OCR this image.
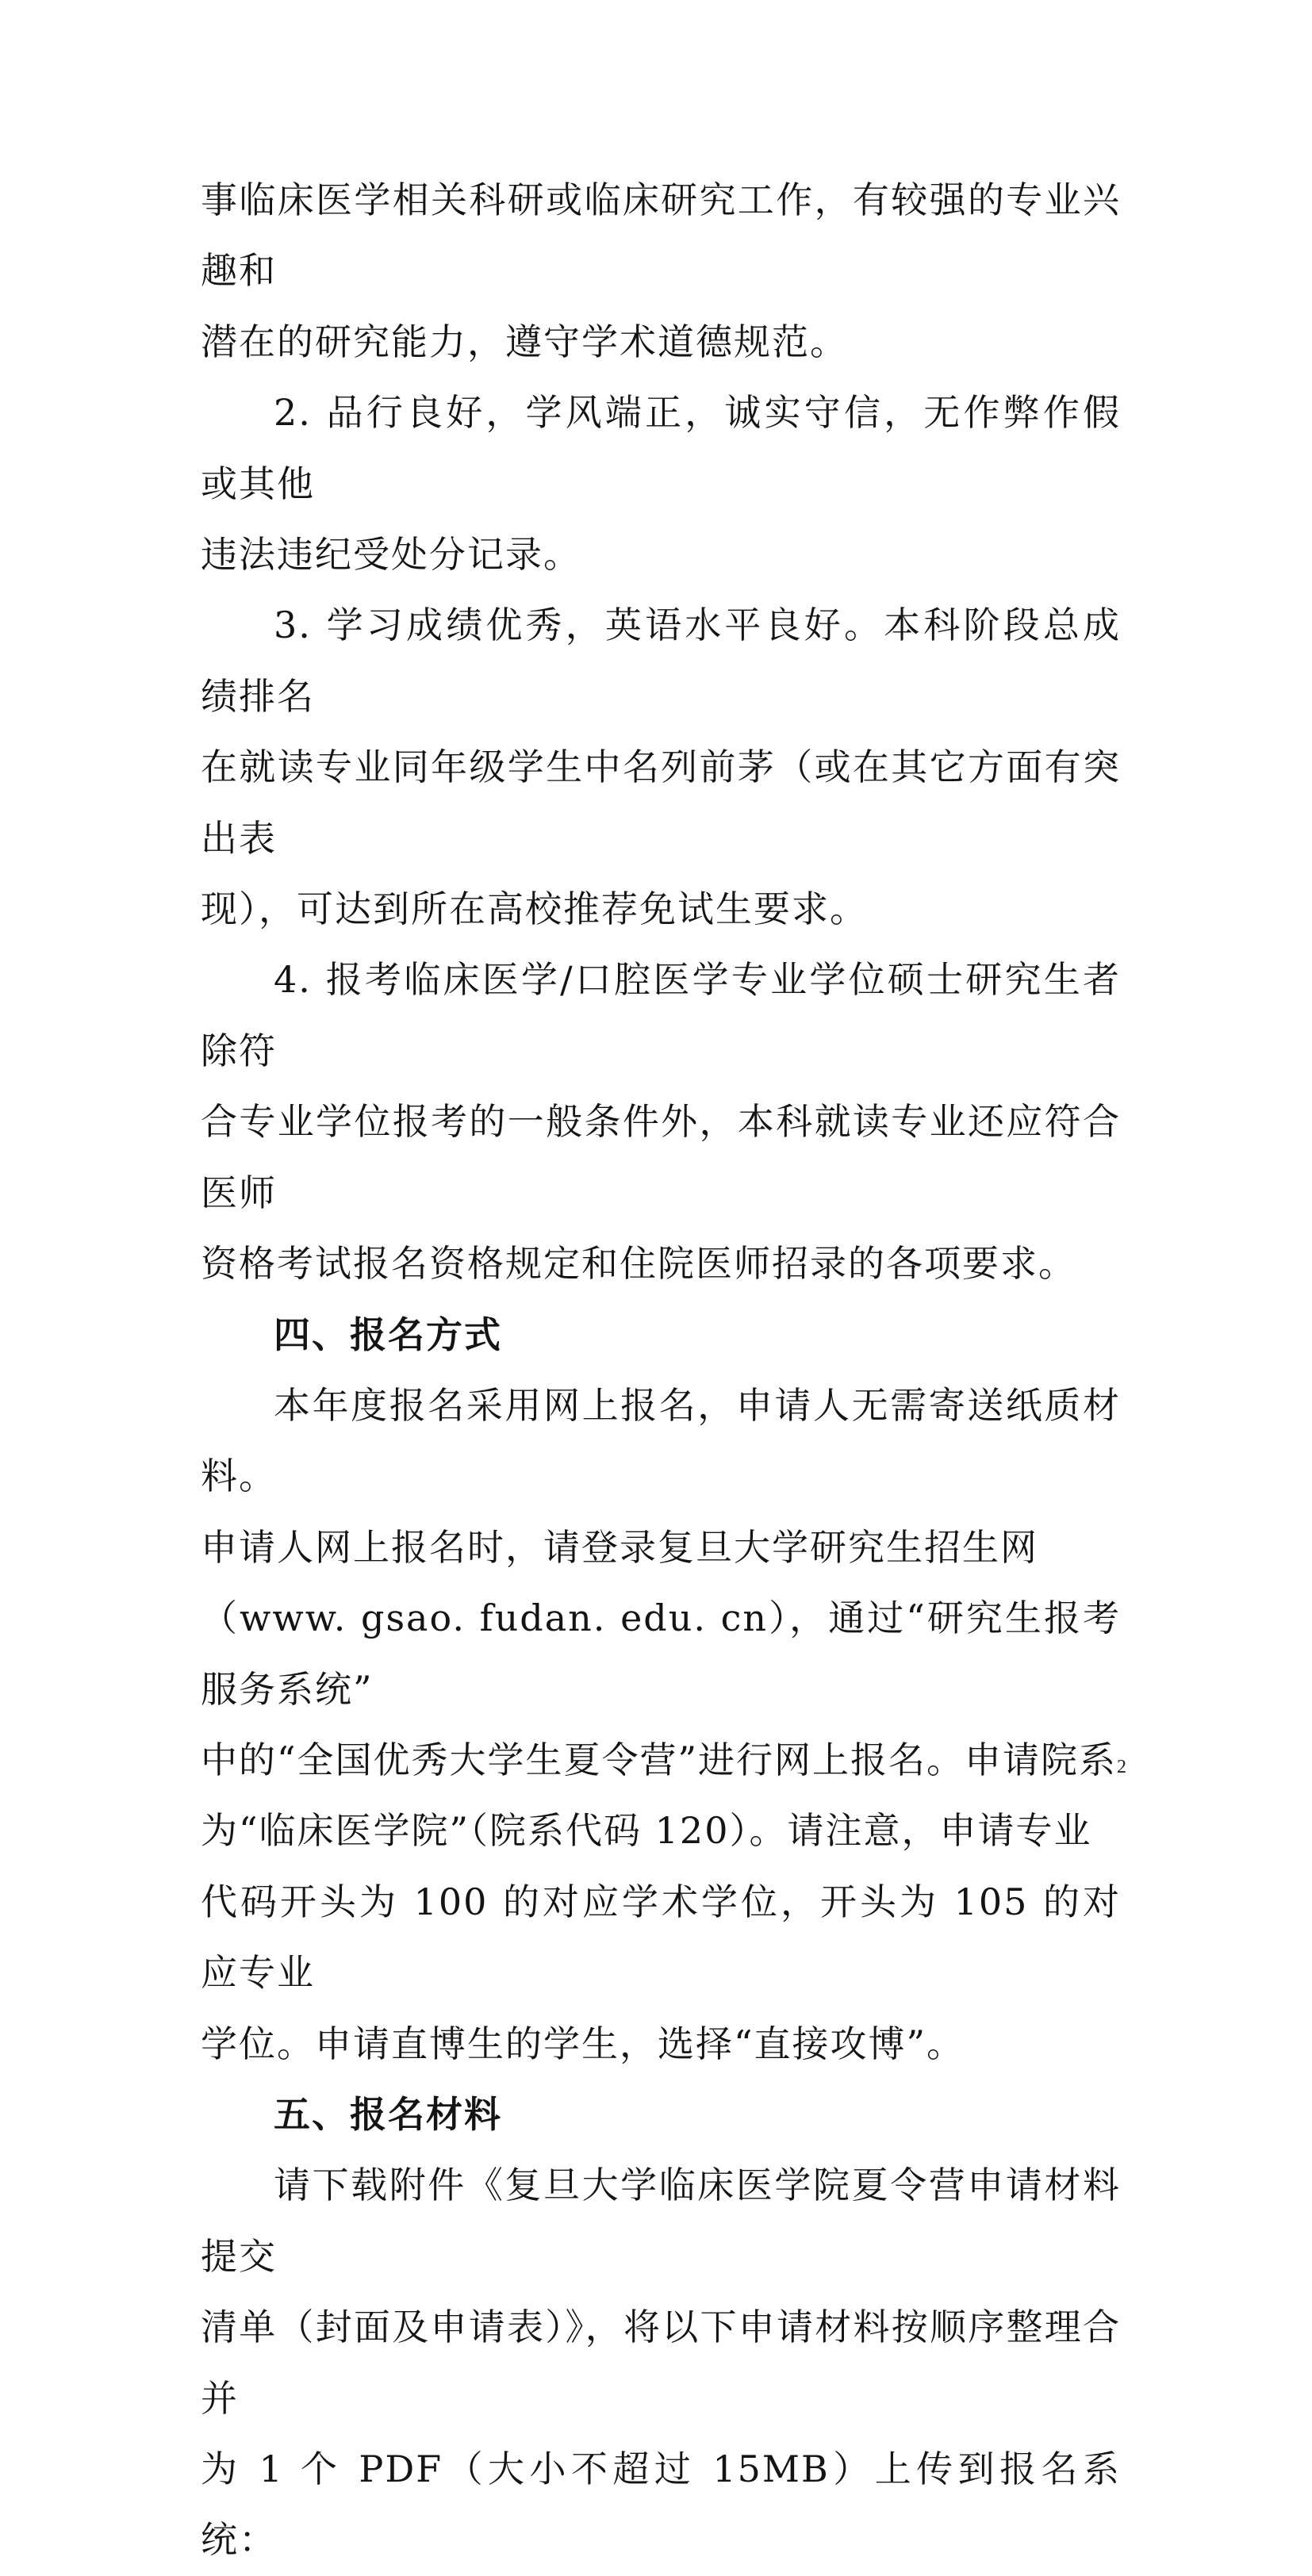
事临床医学相关科研或临床研究工作，有较强的专业兴趣和
潜在的研究能力，遵守学术道德规范。

2. 品行良好，学风端正，诚实守信，无作弊作假或其他
违法违纪受处分记录。

3. 学习成绩优秀，英语水平良好。本科阶段总成绩排名
在就读专业同年级学生中名列前茅（或在其它方面有突出表
现），可达到所在高校推荐免试生要求。

4. 报考临床医学/口腔医学专业学位硕士研究生者除符
合专业学位报考的一般条件外，本科就读专业还应符合医师
资格考试报名资格规定和住院医师招录的各项要求。

四、报名方式

本年度报名采用网上报名，申请人无需寄送纸质材料。
申请人网上报名时，请登录复旦大学研究生招生网
（www. gsao. fudan. edu. cn），通过“研究生报考服务系统”
中的“全国优秀大学生夏令营”进行网上报名。申请院系
为“临床医学院”（院系代码 120）。请注意，申请专业
代码开头为 100 的对应学术学位，开头为 105 的对应专业
学位。申请直博生的学生，选择“直接攻博”。

五、报名材料

请下载附件《复旦大学临床医学院夏令营申请材料提交
清单（封面及申请表）》，将以下申请材料按顺序整理合并
为 1 个 PDF（大小不超过 15MB）上传到报名系统：

2
